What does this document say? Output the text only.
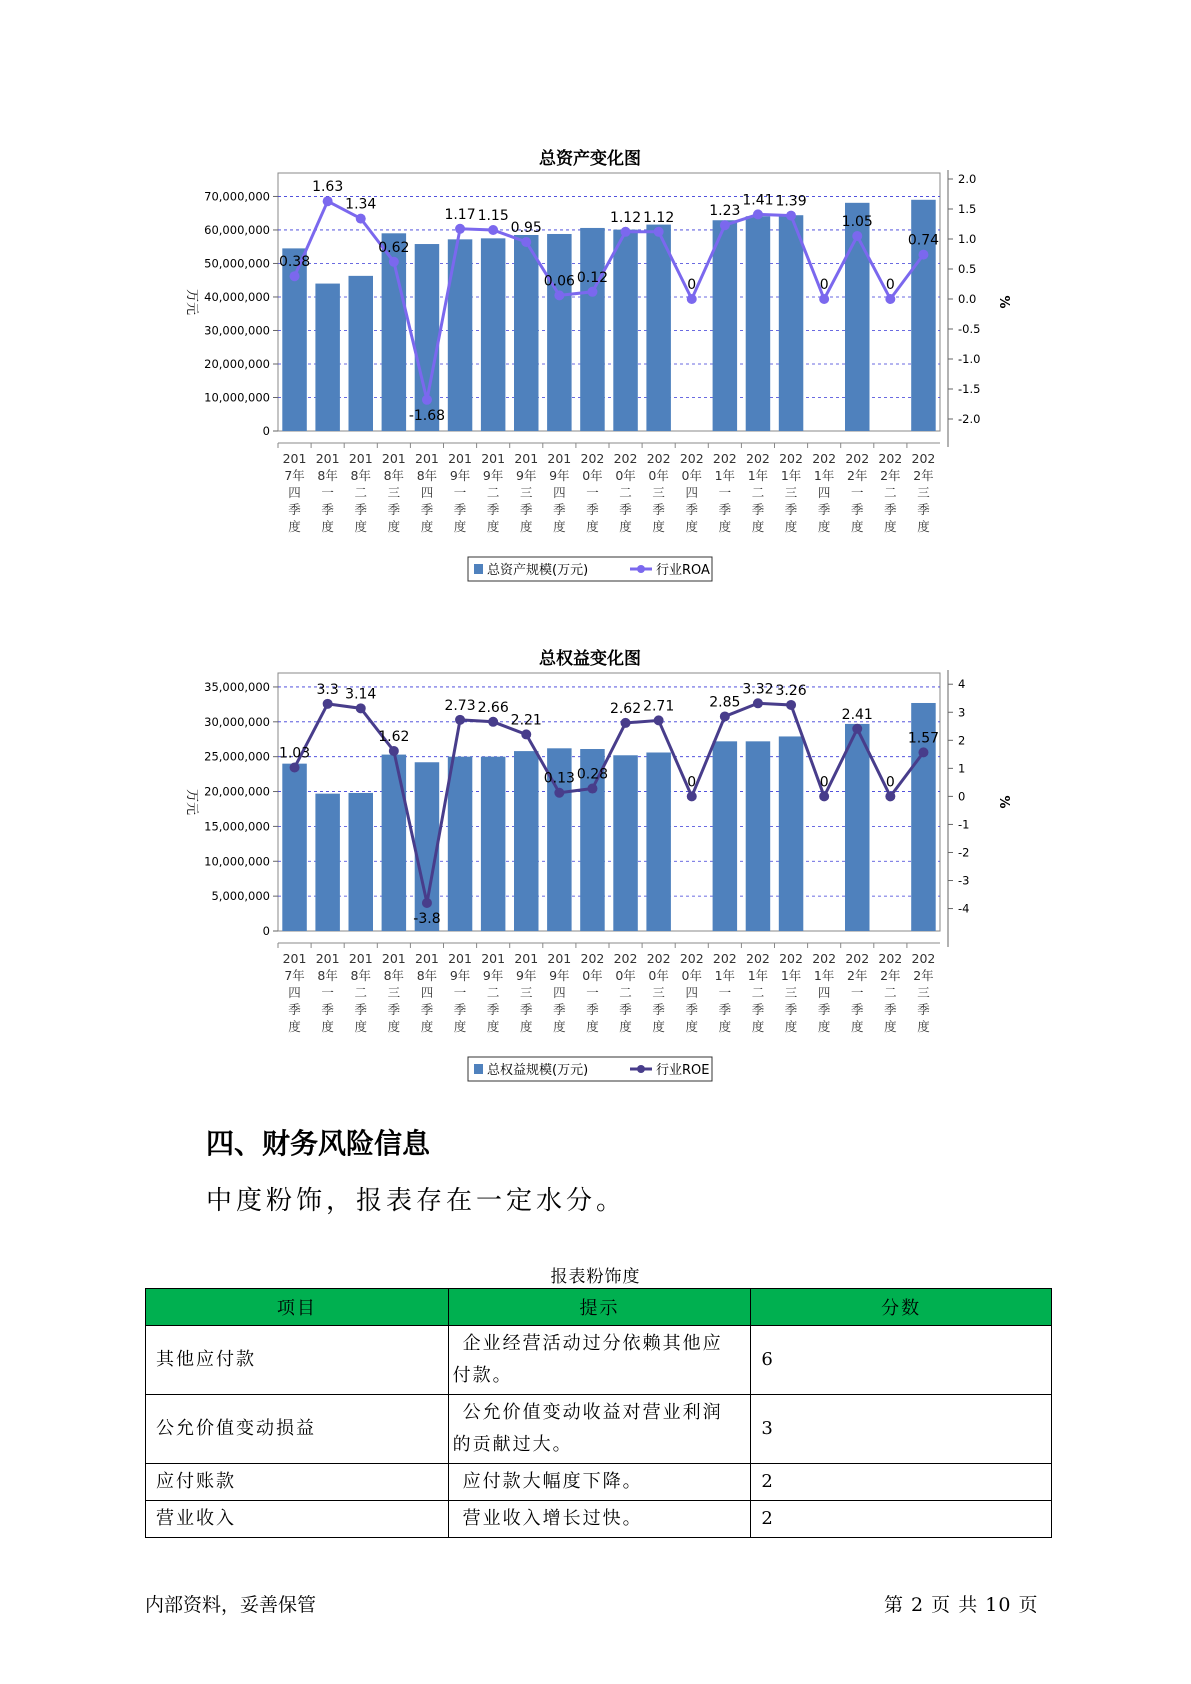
总资产变化图
70,000,000
60,000,000
50,000,000
40,000,000
30,000,000
20,000,000
10,000,000
0
万元
2.0
1.5
1.0
0.5
0.0
-0.5
-1.0
-1.5
-2.0
%
201
7年
四
季
度
201
8年
一
季
度
201
8年
二
季
度
201
8年
三
季
度
201
8年
四
季
度
201
9年
一
季
度
201
9年
二
季
度
201
9年
三
季
度
201
9年
四
季
度
202
0年
一
季
度
202
0年
二
季
度
202
0年
三
季
度
202
0年
四
季
度
202
1年
一
季
度
202
1年
二
季
度
202
1年
三
季
度
202
1年
四
季
度
202
2年
一
季
度
202
2年
二
季
度
202
2年
三
季
度
0.38
1.63
1.34
0.62
-1.68
1.17 1.15
0.95
0.06 0.12
1.12 1.12
0
1.23
1.41 1.39
0
1.05
0
0.74
总资产规模(万元)	行业ROA
总权益变化图
35,000,000
30,000,000
25,000,000
20,000,000
15,000,000
10,000,000
5,000,000
0
万元
4
3
2
1
0
-1
-2
-3
-4
%
201
7年
四
季
度
201
8年
一
季
度
201
8年
二
季
度
201
8年
三
季
度
201
8年
四
季
度
201
9年
一
季
度
201
9年
二
季
度
201
9年
三
季
度
201
9年
四
季
度
202
0年
一
季
度
202
0年
二
季
度
202
0年
三
季
度
202
0年
四
季
度
202
1年
一
季
度
202
1年
二
季
度
202
1年
三
季
度
202
1年
四
季
度
202
2年
一
季
度
202
2年
二
季
度
202
2年
三
季
度
1.03
3.3 3.14
1.62
-3.8
2.73 2.66
2.21
0.13 0.28
2.62 2.71
0
2.85
3.32 3.26
0
2.41
0
1.57
总权益规模(万元)	行业ROE
四、财务风险信息
中度粉饰，报表存在一定水分。
报表粉饰度
项目	提示	分数
其他应付款	企业经营活动过分依赖其他应付款。	6
公允价值变动损益	公允价值变动收益对营业利润的贡献过大。	3
应付账款	应付款大幅度下降。	2
营业收入	营业收入增长过快。	2
内部资料，妥善保管	第 2 页 共 10 页
